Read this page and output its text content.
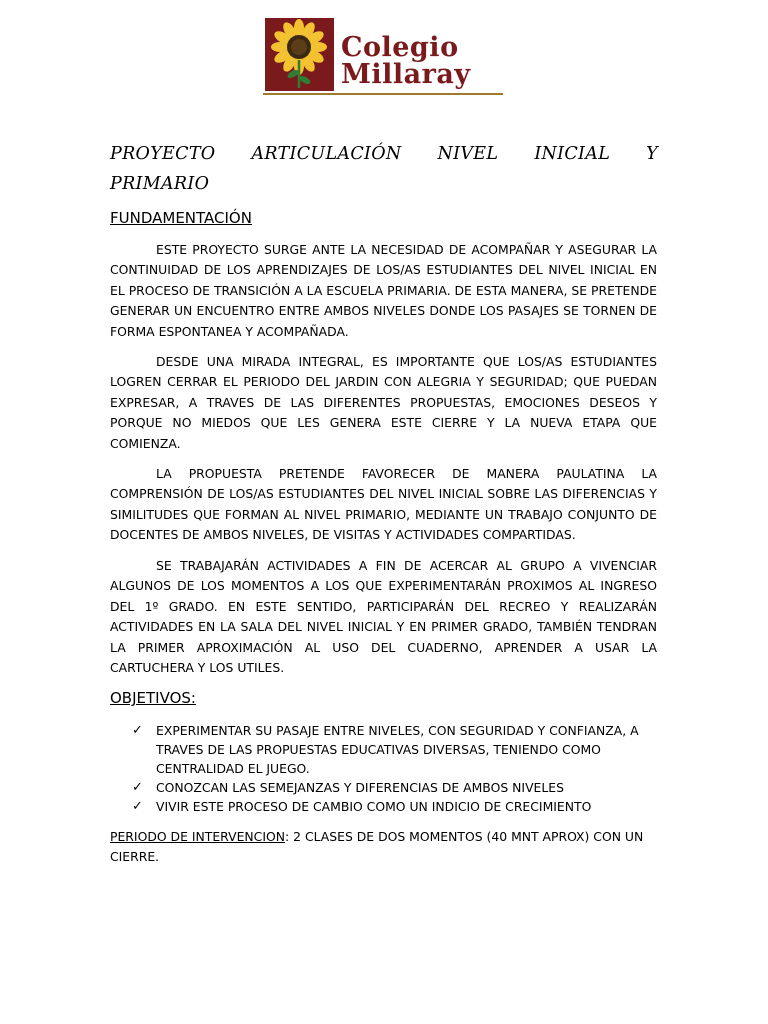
Colegio
Millaray
PROYECTO ARTICULACIÓN NIVEL INICIAL Y
PRIMARIO
FUNDAMENTACIÓN

ESTE PROYECTO SURGE ANTE LA NECESIDAD DE ACOMPAÑAR Y ASEGURAR LA CONTINUIDAD DE LOS APRENDIZAJES DE LOS/AS ESTUDIANTES DEL NIVEL INICIAL EN EL PROCESO DE TRANSICIÓN A LA ESCUELA PRIMARIA. DE ESTA MANERA, SE PRETENDE GENERAR UN ENCUENTRO ENTRE AMBOS NIVELES DONDE LOS PASAJES SE TORNEN DE FORMA ESPONTANEA Y ACOMPAÑADA.

DESDE UNA MIRADA INTEGRAL, ES IMPORTANTE QUE LOS/AS ESTUDIANTES LOGREN CERRAR EL PERIODO DEL JARDIN CON ALEGRIA Y SEGURIDAD; QUE PUEDAN EXPRESAR, A TRAVES DE LAS DIFERENTES PROPUESTAS, EMOCIONES DESEOS Y PORQUE NO MIEDOS QUE LES GENERA ESTE CIERRE Y LA NUEVA ETAPA QUE COMIENZA.

LA PROPUESTA PRETENDE FAVORECER DE MANERA PAULATINA LA COMPRENSIÓN DE LOS/AS ESTUDIANTES DEL NIVEL INICIAL SOBRE LAS DIFERENCIAS Y SIMILITUDES QUE FORMAN AL NIVEL PRIMARIO, MEDIANTE UN TRABAJO CONJUNTO DE DOCENTES DE AMBOS NIVELES, DE VISITAS Y ACTIVIDADES COMPARTIDAS.

SE TRABAJARÁN ACTIVIDADES A FIN DE ACERCAR AL GRUPO A VIVENCIAR ALGUNOS DE LOS MOMENTOS A LOS QUE EXPERIMENTARÁN PROXIMOS AL INGRESO DEL 1º GRADO. EN ESTE SENTIDO, PARTICIPARÁN DEL RECREO Y REALIZARÁN ACTIVIDADES EN LA SALA DEL NIVEL INICIAL Y EN PRIMER GRADO, TAMBIÉN TENDRAN LA PRIMER APROXIMACIÓN AL USO DEL CUADERNO, APRENDER A USAR LA CARTUCHERA Y LOS UTILES.

OBJETIVOS:
✓ EXPERIMENTAR SU PASAJE ENTRE NIVELES, CON SEGURIDAD Y CONFIANZA, A TRAVES DE LAS PROPUESTAS EDUCATIVAS DIVERSAS, TENIENDO COMO CENTRALIDAD EL JUEGO.
✓ CONOZCAN LAS SEMEJANZAS Y DIFERENCIAS DE AMBOS NIVELES
✓ VIVIR ESTE PROCESO DE CAMBIO COMO UN INDICIO DE CRECIMIENTO
PERIODO DE INTERVENCION: 2 CLASES DE DOS MOMENTOS (40 MNT APROX) CON UN CIERRE.
